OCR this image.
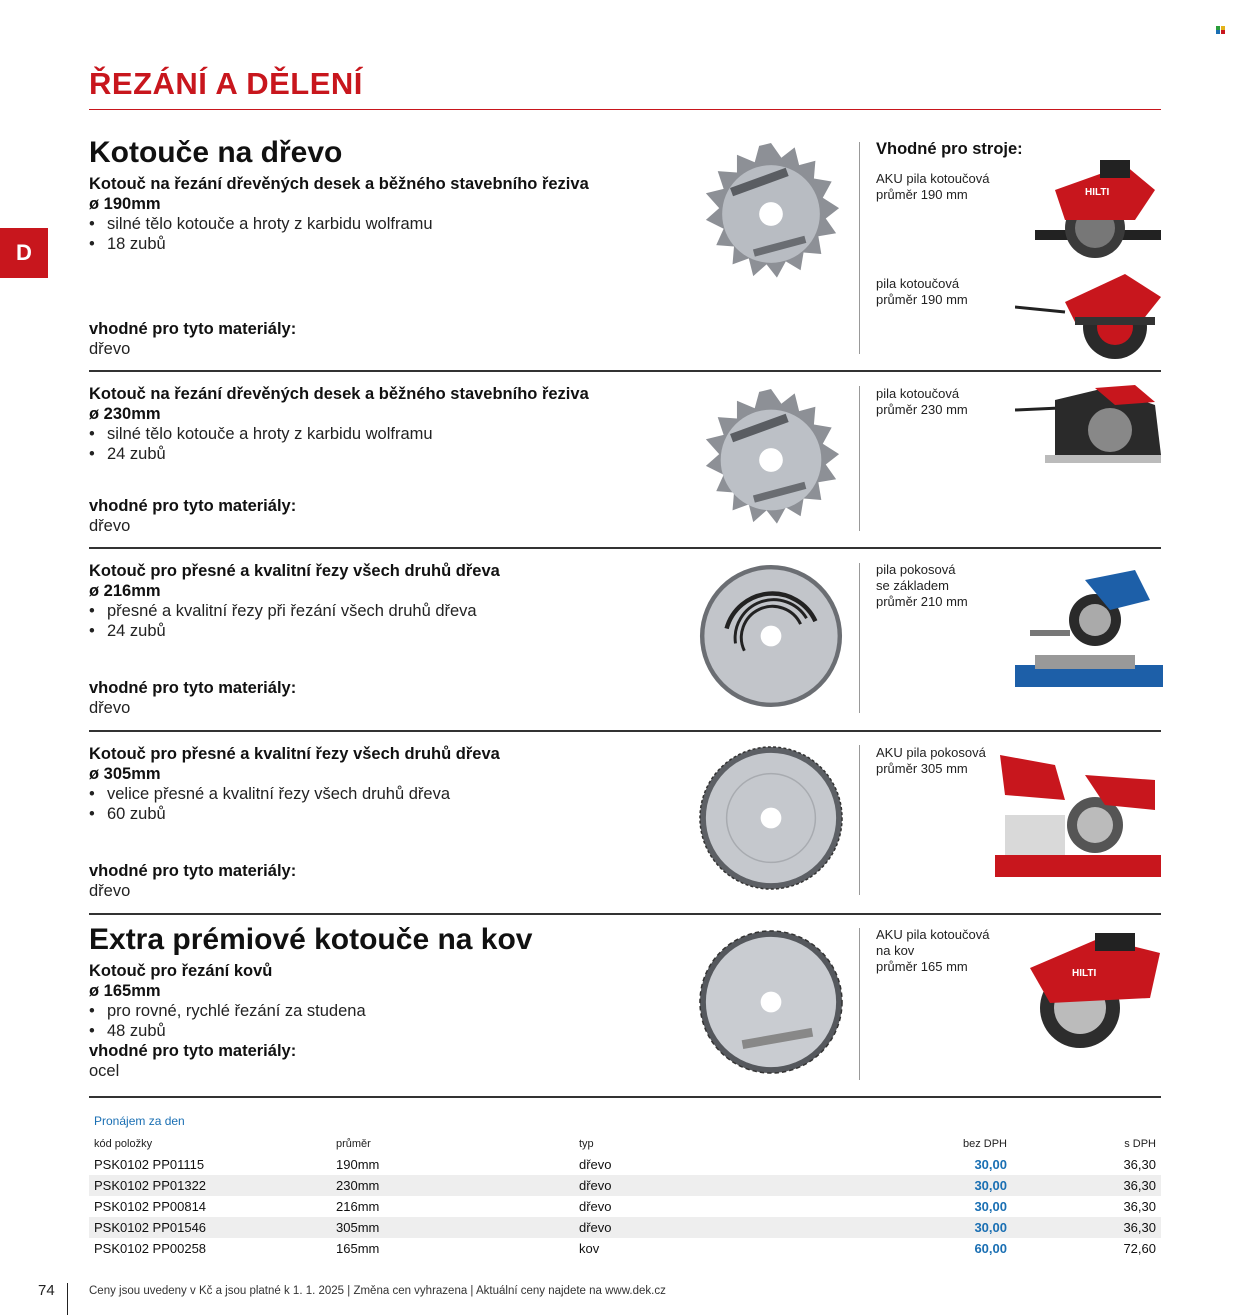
ŘEZÁNÍ A DĚLENÍ
D
Kotouče na dřevo	Vhodné pro stroje:
Kotouč na řezání dřevěných desek a běžného stavebního řeziva
ø 190mm
• silné tělo kotouče a hroty z karbidu wolframu
• 18 zubů
vhodné pro tyto materiály:
dřevo
AKU pila kotoučová
průměr 190 mm	HILTI
pila kotoučová
průměr 190 mm
Kotouč na řezání dřevěných desek a běžného stavebního řeziva
ø 230mm
• silné tělo kotouče a hroty z karbidu wolframu
• 24 zubů
vhodné pro tyto materiály:
dřevo
pila kotoučová
průměr 230 mm
Kotouč pro přesné a kvalitní řezy všech druhů dřeva
ø 216mm
• přesné a kvalitní řezy při řezání všech druhů dřeva
• 24 zubů
vhodné pro tyto materiály:
dřevo
pila pokosová
se základem
průměr 210 mm
Kotouč pro přesné a kvalitní řezy všech druhů dřeva
ø 305mm
• velice přesné a kvalitní řezy všech druhů dřeva
• 60 zubů
vhodné pro tyto materiály:
dřevo
AKU pila pokosová
průměr 305 mm
Extra prémiové kotouče na kov
Kotouč pro řezání kovů
ø 165mm
• pro rovné, rychlé řezání za studena
• 48 zubů
vhodné pro tyto materiály:
ocel
AKU pila kotoučová
na kov
průměr 165 mm	HILTI
Pronájem za den
kód položky	průměr	typ	bez DPH	s DPH
PSK0102 PP01115	190mm	dřevo	30,00	36,30
PSK0102 PP01322	230mm	dřevo	30,00	36,30
PSK0102 PP00814	216mm	dřevo	30,00	36,30
PSK0102 PP01546	305mm	dřevo	30,00	36,30
PSK0102 PP00258	165mm	kov	60,00	72,60
74	Ceny jsou uvedeny v Kč a jsou platné k 1. 1. 2025 | Změna cen vyhrazena | Aktuální ceny najdete na www.dek.cz
